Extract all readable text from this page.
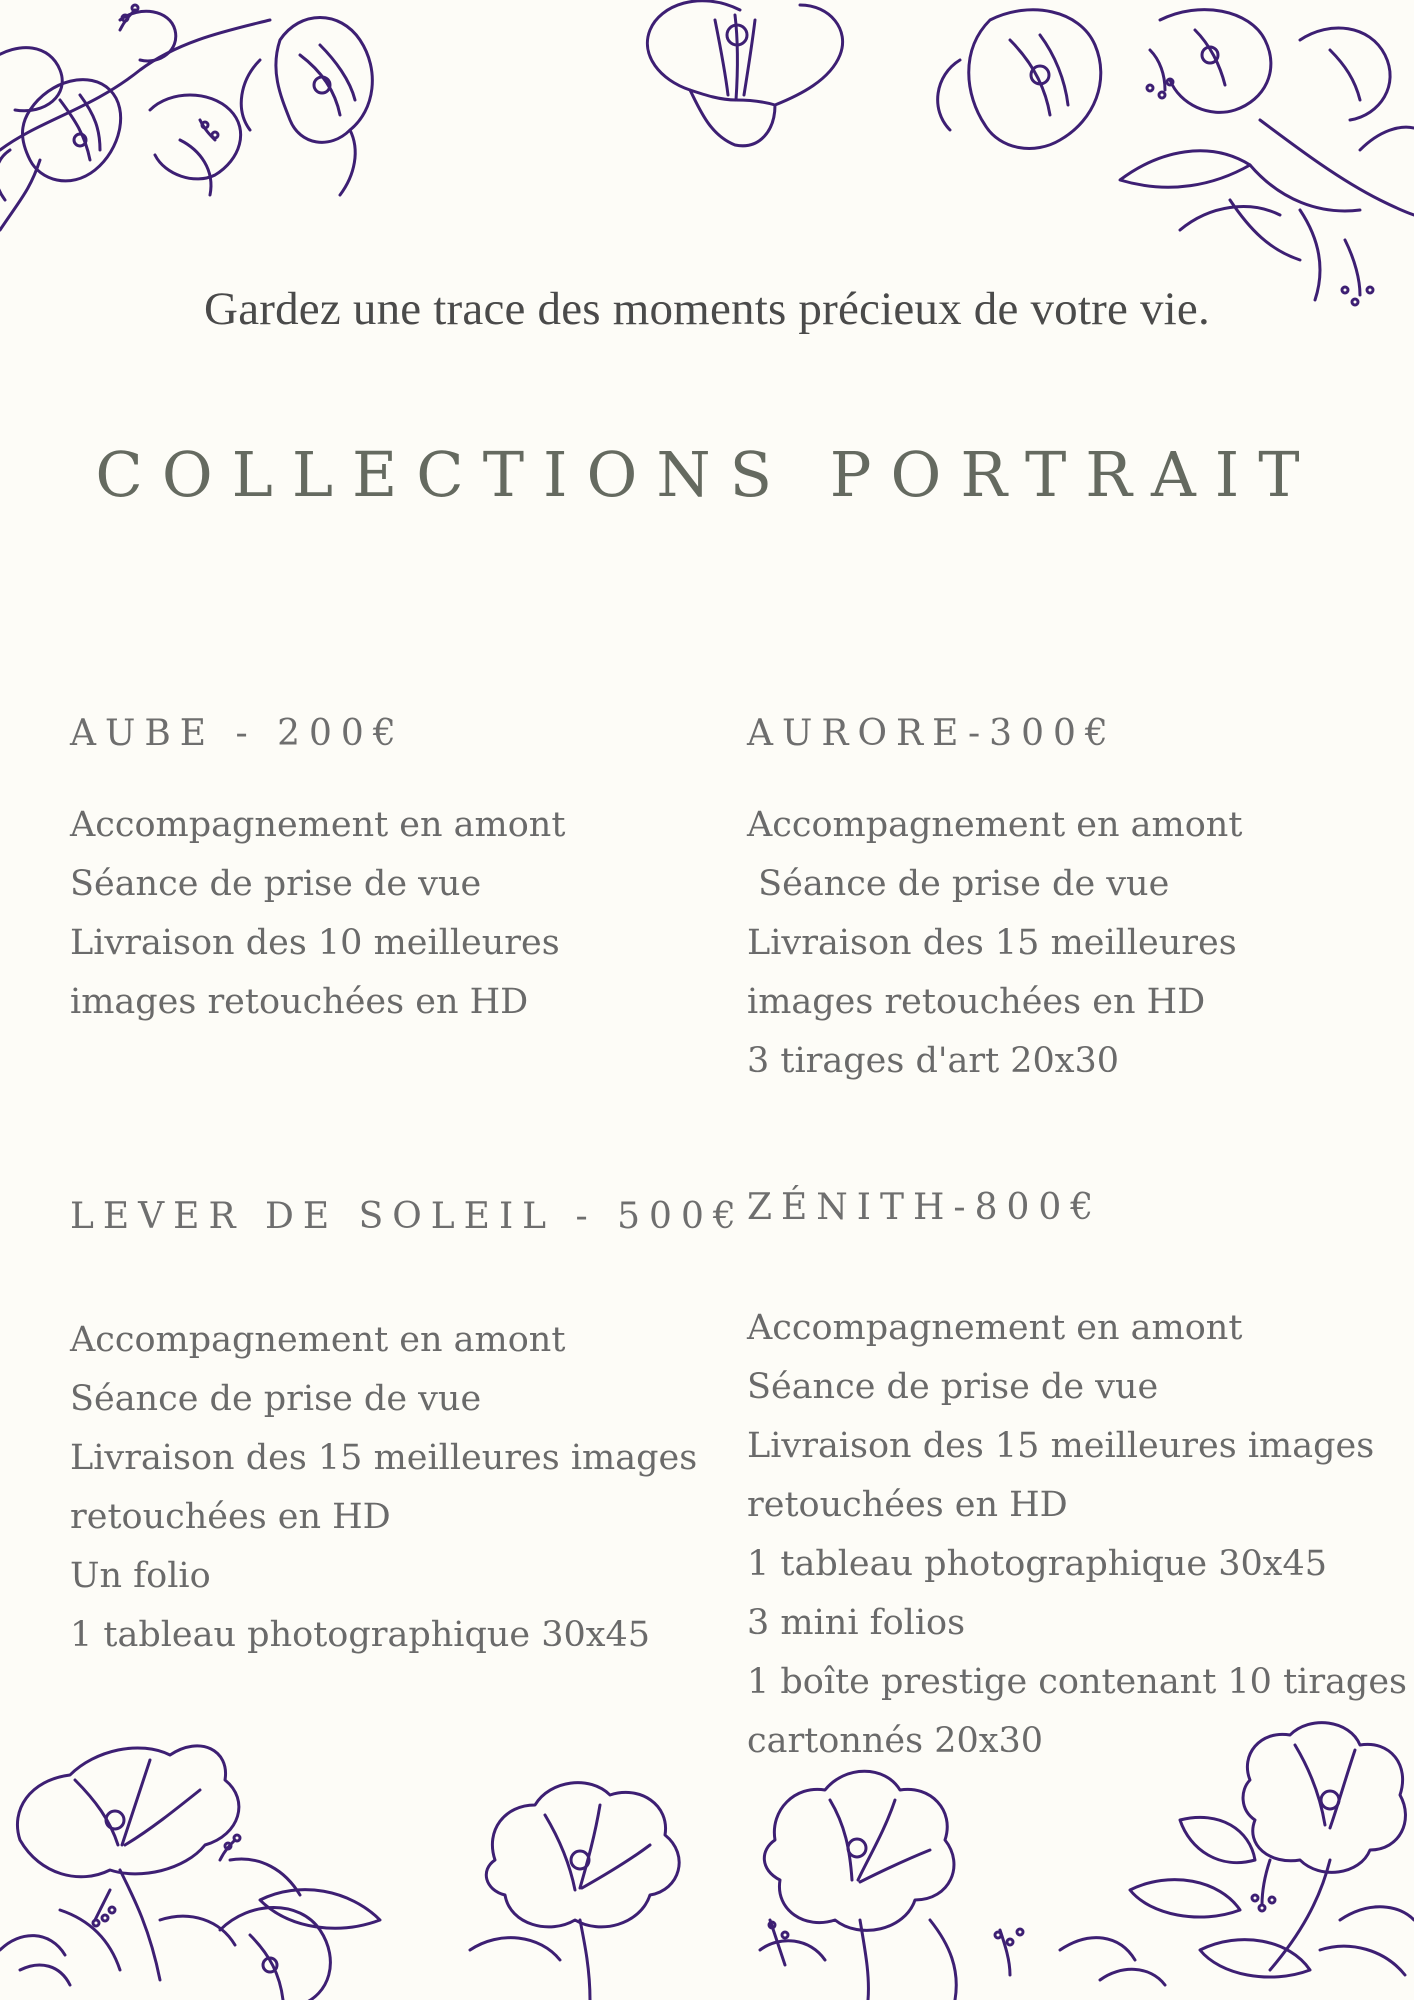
Gardez une trace des moments précieux de votre vie.
COLLECTIONS PORTRAIT
AUBE - 200€
Accompagnement en amont
Séance de prise de vue
Livraison des 10 meilleures
images retouchées en HD
AURORE-300€
Accompagnement en amont
Séance de prise de vue
Livraison des 15 meilleures
images retouchées en HD
3 tirages d'art 20x30
LEVER DE SOLEIL - 500€
Accompagnement en amont
Séance de prise de vue
Livraison des 15 meilleures images
retouchées en HD
Un folio
1 tableau photographique 30x45
ZÉNITH-800€
Accompagnement en amont
Séance de prise de vue
Livraison des 15 meilleures images
retouchées en HD
1 tableau photographique 30x45
3 mini folios
1 boîte prestige contenant 10 tirages
cartonnés 20x30
